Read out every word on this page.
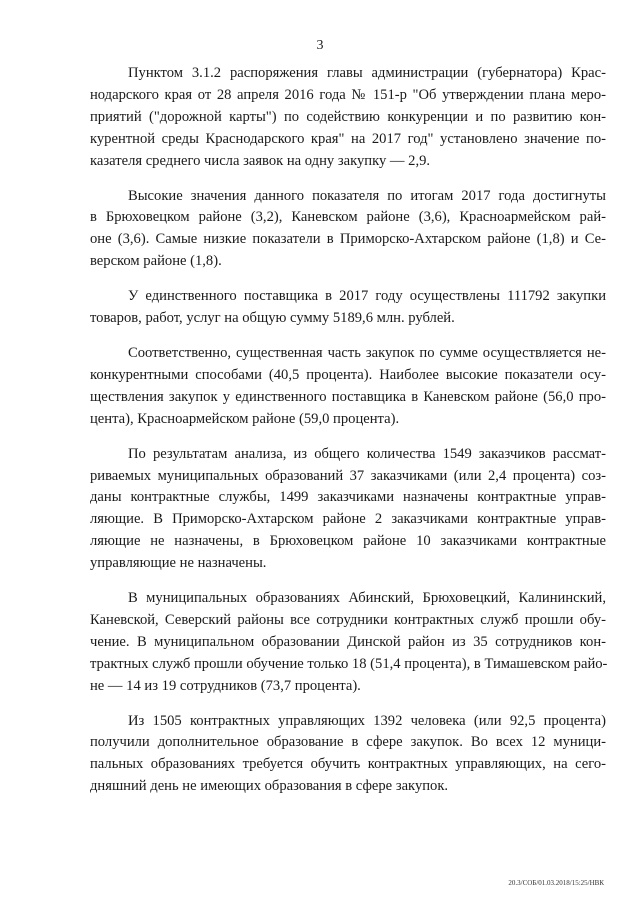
3
Пунктом 3.1.2 распоряжения главы администрации (губернатора) Крас-
нодарского края от 28 апреля 2016 года № 151-р "Об утверждении плана меро-
приятий ("дорожной карты") по содействию конкуренции и по развитию кон-
курентной среды Краснодарского края" на 2017 год" установлено значение по-
казателя среднего числа заявок на одну закупку — 2,9.
Высокие значения данного показателя по итогам 2017 года достигнуты
в Брюховецком районе (3,2), Каневском районе (3,6), Красноармейском рай-
оне (3,6). Самые низкие показатели в Приморско-Ахтарском районе (1,8) и Се-
верском районе (1,8).
У единственного поставщика в 2017 году осуществлены 111792 закупки
товаров, работ, услуг на общую сумму 5189,6 млн. рублей.
Соответственно, существенная часть закупок по сумме осуществляется не-
конкурентными способами (40,5 процента). Наиболее высокие показатели осу-
ществления закупок у единственного поставщика в Каневском районе (56,0 про-
цента), Красноармейском районе (59,0 процента).
По результатам анализа, из общего количества 1549 заказчиков рассмат-
риваемых муниципальных образований 37 заказчиками (или 2,4 процента) соз-
даны контрактные службы, 1499 заказчиками назначены контрактные управ-
ляющие. В Приморско-Ахтарском районе 2 заказчиками контрактные управ-
ляющие не назначены, в Брюховецком районе 10 заказчиками контрактные
управляющие не назначены.
В муниципальных образованиях Абинский, Брюховецкий, Калининский,
Каневской, Северский районы все сотрудники контрактных служб прошли обу-
чение. В муниципальном образовании Динской район из 35 сотрудников кон-
трактных служб прошли обучение только 18 (51,4 процента), в Тимашевском райо-
не — 14 из 19 сотрудников (73,7 процента).
Из 1505 контрактных управляющих 1392 человека (или 92,5 процента)
получили дополнительное образование в сфере закупок. Во всех 12 муници-
пальных образованиях требуется обучить контрактных управляющих, на сего-
дняшний день не имеющих образования в сфере закупок.
20.3/СОБ/01.03.2018/15:25/НВК
